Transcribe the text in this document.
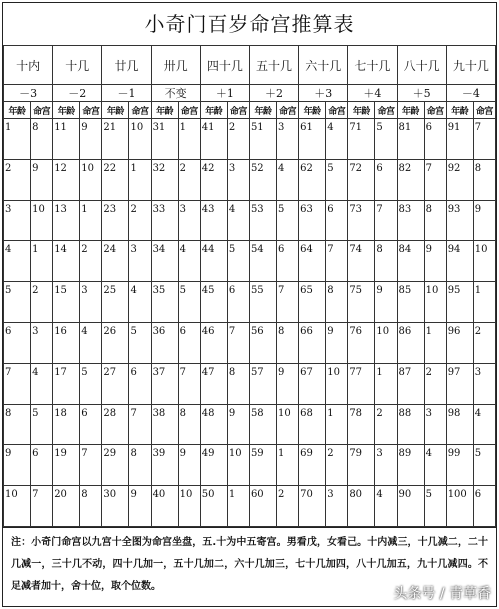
小奇门百岁命宫推算表
十内		十几		廿几		卅几		四十几		五十几		六十几		七十几		八十几		九十几	
－3		－2		－1		不变		＋1		＋2		＋3		＋4		＋5		－4	
年龄	命宫	年龄	命宫	年龄	命宫	年龄	命宫	年龄	命宫	年龄	命宫	年龄	命宫	年龄	命宫	年龄	命宫	年龄	命宫
1	8	11	9	21	10	31	1	41	2	51	3	61	4	71	5	81	6	91	7
2	9	12	10	22	1	32	2	42	3	52	4	62	5	72	6	82	7	92	8
3	10	13	1	23	2	33	3	43	4	53	5	63	6	73	7	83	8	93	9
4	1	14	2	24	3	34	4	44	5	54	6	64	7	74	8	84	9	94	10
5	2	15	3	25	4	35	5	45	6	55	7	65	8	75	9	85	10	95	1
6	3	16	4	26	5	36	6	46	7	56	8	66	9	76	10	86	1	96	2
7	4	17	5	27	6	37	7	47	8	57	9	67	10	77	1	87	2	97	3
8	5	18	6	28	7	38	8	48	9	58	10	68	1	78	2	88	3	98	4
9	6	19	7	29	8	39	9	49	10	59	1	69	2	79	3	89	4	99	5
10	7	20	8	30	9	40	10	50	1	60	2	70	3	80	4	90	5	100	6
注：小奇门命宫以九宫十全图为命宫坐盘，五.十为中五寄宫。男看戊，女看己。十内减三，十几减二，二十几减一，三十几不动，四十几加一，五十几加二，六十几加三，七十几加四，八十几加五，九十几减四。不足减者加十，舍十位，取个位数。	头条号 / 青草香
